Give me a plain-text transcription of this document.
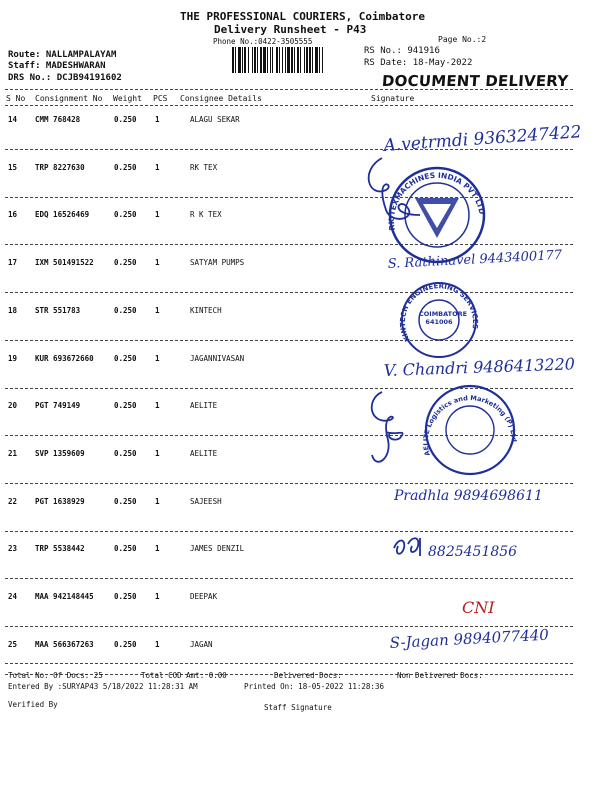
THE PROFESSIONAL COURIERS, Coimbatore
Delivery Runsheet - P43
Phone No.:0422-3505555	Page No.:2
Route: NALLAMPALAYAM
Staff: MADESHWARAN
DRS No.: DCJB94191602
RS No.: 941916
RS Date: 18-May-2022
DOCUMENT DELIVERY
S No Consignment No Weight PCS Consignee Details	Signature
14 CMM 768428	0.250 1	ALAGU SEKAR
15 TRP 8227630	0.250 1	RK TEX
16 EDQ 16526469	0.250 1	R K TEX
17 IXM 501491522	0.250 1	SATYAM PUMPS
18 STR 551783	0.250 1	KINTECH
19 KUR 693672660	0.250 1	JAGANNIVASAN
20 PGT 749149	0.250 1	AELITE
21 SVP 1359609	0.250 1	AELITE
22 PGT 1638929	0.250 1	SAJEESH
23 TRP 5538442	0.250 1	JAMES DENZIL
24 MAA 942148445	0.250 1	DEEPAK
25 MAA 566367263	0.250 1	JAGAN
Total No. Of Docs: 25	Total COD Amt: 0.00	Delivered Docs:	Non Delivered Docs:
Entered By :SURYAP43 5/18/2022 11:28:31 AM	Printed On: 18-05-2022 11:28:36
Verified By	Staff Signature
A.vetrmdi 9363247422
RK TEXMACHINES INDIA PVT LTD
S. Rathinavel 9443400177
KINTECH ENGINEERING SERVICES
COIMBATORE 641006
V. Chandri 9486413220
AELITE Logistics and Marketing (P) Ltd.
Pradhla 9894698611
8825451856
CNI
S-Jagan 9894077440
